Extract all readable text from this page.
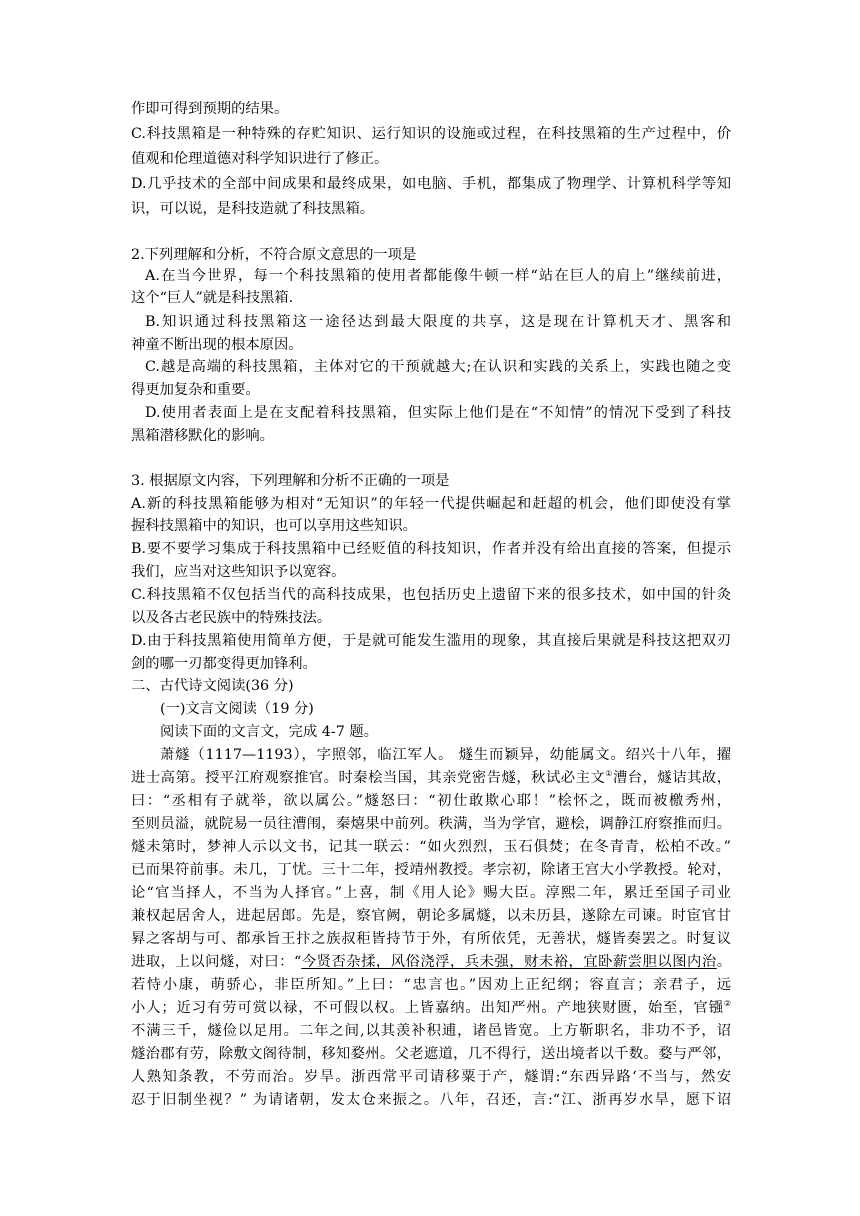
作即可得到预期的结果。
C.科技黑箱是一种特殊的存贮知识、运行知识的设施或过程，在科技黑箱的生产过程中，价
值观和伦理道德对科学知识进行了修正。
D.几乎技术的全部中间成果和最终成果，如电脑、手机，都集成了物理学、计算机科学等知
识，可以说，是科技造就了科技黑箱。
2.下列理解和分析，不符合原文意思的一项是
A.在当今世界，每一个科技黑箱的使用者都能像牛顿一样“站在巨人的肩上”继续前进，
这个“巨人”就是科技黑箱.
B.知识通过科技黑箱这一途径达到最大限度的共享，这是现在计算机天才、黑客和
神童不断出现的根本原因。
C.越是高端的科技黑箱，主体对它的干预就越大;在认识和实践的关系上，实践也随之变
得更加复杂和重要。
D.使用者表面上是在支配着科技黑箱，但实际上他们是在“不知情”的情况下受到了科技
黑箱潜移默化的影响。
3. 根据原文内容，下列理解和分析不正确的一项是
A.新的科技黑箱能够为相对“无知识”的年轻一代提供崛起和赶超的机会，他们即使没有掌
握科技黑箱中的知识，也可以享用这些知识。
B.要不要学习集成于科技黑箱中已经贬值的科技知识，作者并没有给出直接的答案，但提示
我们，应当对这些知识予以宽容。
C.科技黑箱不仅包括当代的高科技成果，也包括历史上遗留下来的很多技术，如中国的针灸
以及各古老民族中的特殊技法。
D.由于科技黑箱使用简单方便，于是就可能发生滥用的现象，其直接后果就是科技这把双刃
剑的哪一刃都变得更加锋利。
二、古代诗文阅读(36 分)
(一)文言文阅读（19 分)
阅读下面的文言文，完成 4-7 题。
萧燧（1117—1193），字照邻，临江军人。 燧生而颖异，幼能属文。绍兴十八年，擢
进士高第。授平江府观察推官。时秦桧当国，其亲党密告燧，秋试必主文①漕台，燧诘其故，
曰：“丞相有子就举，欲以属公。”燧怒曰：“初仕敢欺心耶！”桧怀之，既而被檄秀州，
至则员溢，就院易一员往漕闱，秦熺果中前列。秩满，当为学官，避桧，调静江府察推而归。
燧未第时，梦神人示以文书，记其一联云：“如火烈烈，玉石俱焚；在冬青青，松柏不改。”
已而果符前事。未几，丁忧。三十二年，授靖州教授。孝宗初，除诸王宫大小学教授。轮对，
论“官当择人，不当为人择官。”上喜，制《用人论》赐大臣。淳熙二年，累迁至国子司业
兼权起居舍人，进起居郎。先是，察官阙，朝论多属燧，以未历县，遂除左司谏。时宦官甘
昪之客胡与可、都承旨王抃之族叔秬皆持节于外，有所依凭，无善状，燧皆奏罢之。时复议
进取，上以问燧，对曰：“今贤否杂揉，风俗浇浮，兵未强，财未裕，宜卧薪尝胆以图内治。
若恃小康，萌骄心，非臣所知。”上曰：“忠言也。”因劝上正纪纲；容直言；亲君子，远
小人；近习有劳可赏以禄，不可假以权。上皆嘉纳。出知严州。产地狭财匮，始至，官镪②
不满三千，燧俭以足用。二年之间,以其羡补积逋，诸邑皆宽。上方靳职名，非功不予，诏
燧治郡有劳，除敷文阁待制，移知婺州。父老遮道，几不得行，送出境者以千数。婺与严邻，
人熟知条教，不劳而治。岁旱。浙西常平司请移粟于产，燧谓:“东西异路‘不当与，然安
忍于旧制坐视？” 为请诸朝，发太仓来振之。八年，召还，言:“江、浙再岁水旱，愿下诏
